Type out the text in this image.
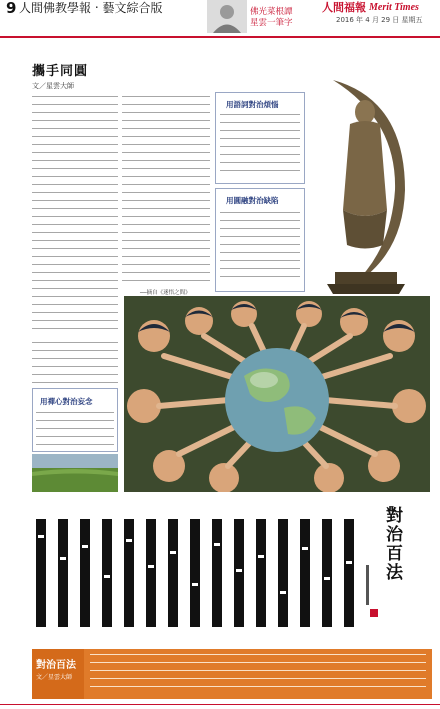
9 人間佛教學報 ‧ 藝文綜合版	佛光菜根譚
星雲一筆字
人間福報 Merit Times
2016 年 4 月 29 日 星期五
攜手同圓
文／星雲大師
──摘自《迷悟之間》
用語詞對治煩惱
用圓融對治缺陷
用禪心對治妄念
對治百法
對治百法
文／星雲大師
